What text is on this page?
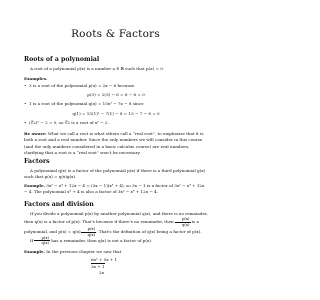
Roots & Factors
Roots of a polynomial

A root of a polynomial p(x) is a number a ∈ ℝ such that p(a) = 0.

Examples.
• 3 is a root of the polynomial p(x) = 2x − 6 because
p(3) = 2(3) − 6 = 6 − 6 = 0
• 1 is a root of the polynomial q(x) = 15x² − 7x − 8 since
q(1) = 15(1)² − 7(1) − 8 = 15 − 7 − 8 = 0
• (∛2)³ − 2 = 0, so ∛2 is a root of x³ − 2.

Be aware: What we call a root is what others call a “real root”, to emphasize that it is both a root and a real number. Since the only numbers we will consider in this course (and the only numbers considered in a basic calculus course) are real numbers, clarifying that a root is a “real root” won't be necessary.

Factors

A polynomial q(x) is a factor of the polynomial p(x) if there is a third polynomial g(x) such that p(x) = q(x)g(x).

Example. 3x⁵ − x⁴ + 12x − 4 = (3x − 1)(x⁴ + 4), so 3x − 1 is a factor of 3x⁵ − x⁴ + 12x − 4. The polynomial x⁴ + 4 is also a factor of 3x⁵ − x⁴ + 12x − 4.

Factors and division

If you divide a polynomial p(x) by another polynomial q(x), and there is no remainder, then q(x) is a factor of p(x). That's because if there's no remainder, then $\frac{p(x)}{q(x)}$ is a polynomial, and $p(x) = q(x) \frac{p(x)}{q(x)}$ . That's the definition of q(x) being a factor of p(x).

If $\frac{p(x)}{q(x)}$ has a remainder, then q(x) is not a factor of p(x).

Example. In the previous chapter we saw that

6x² + 5x + 1
3x + 1
2x
